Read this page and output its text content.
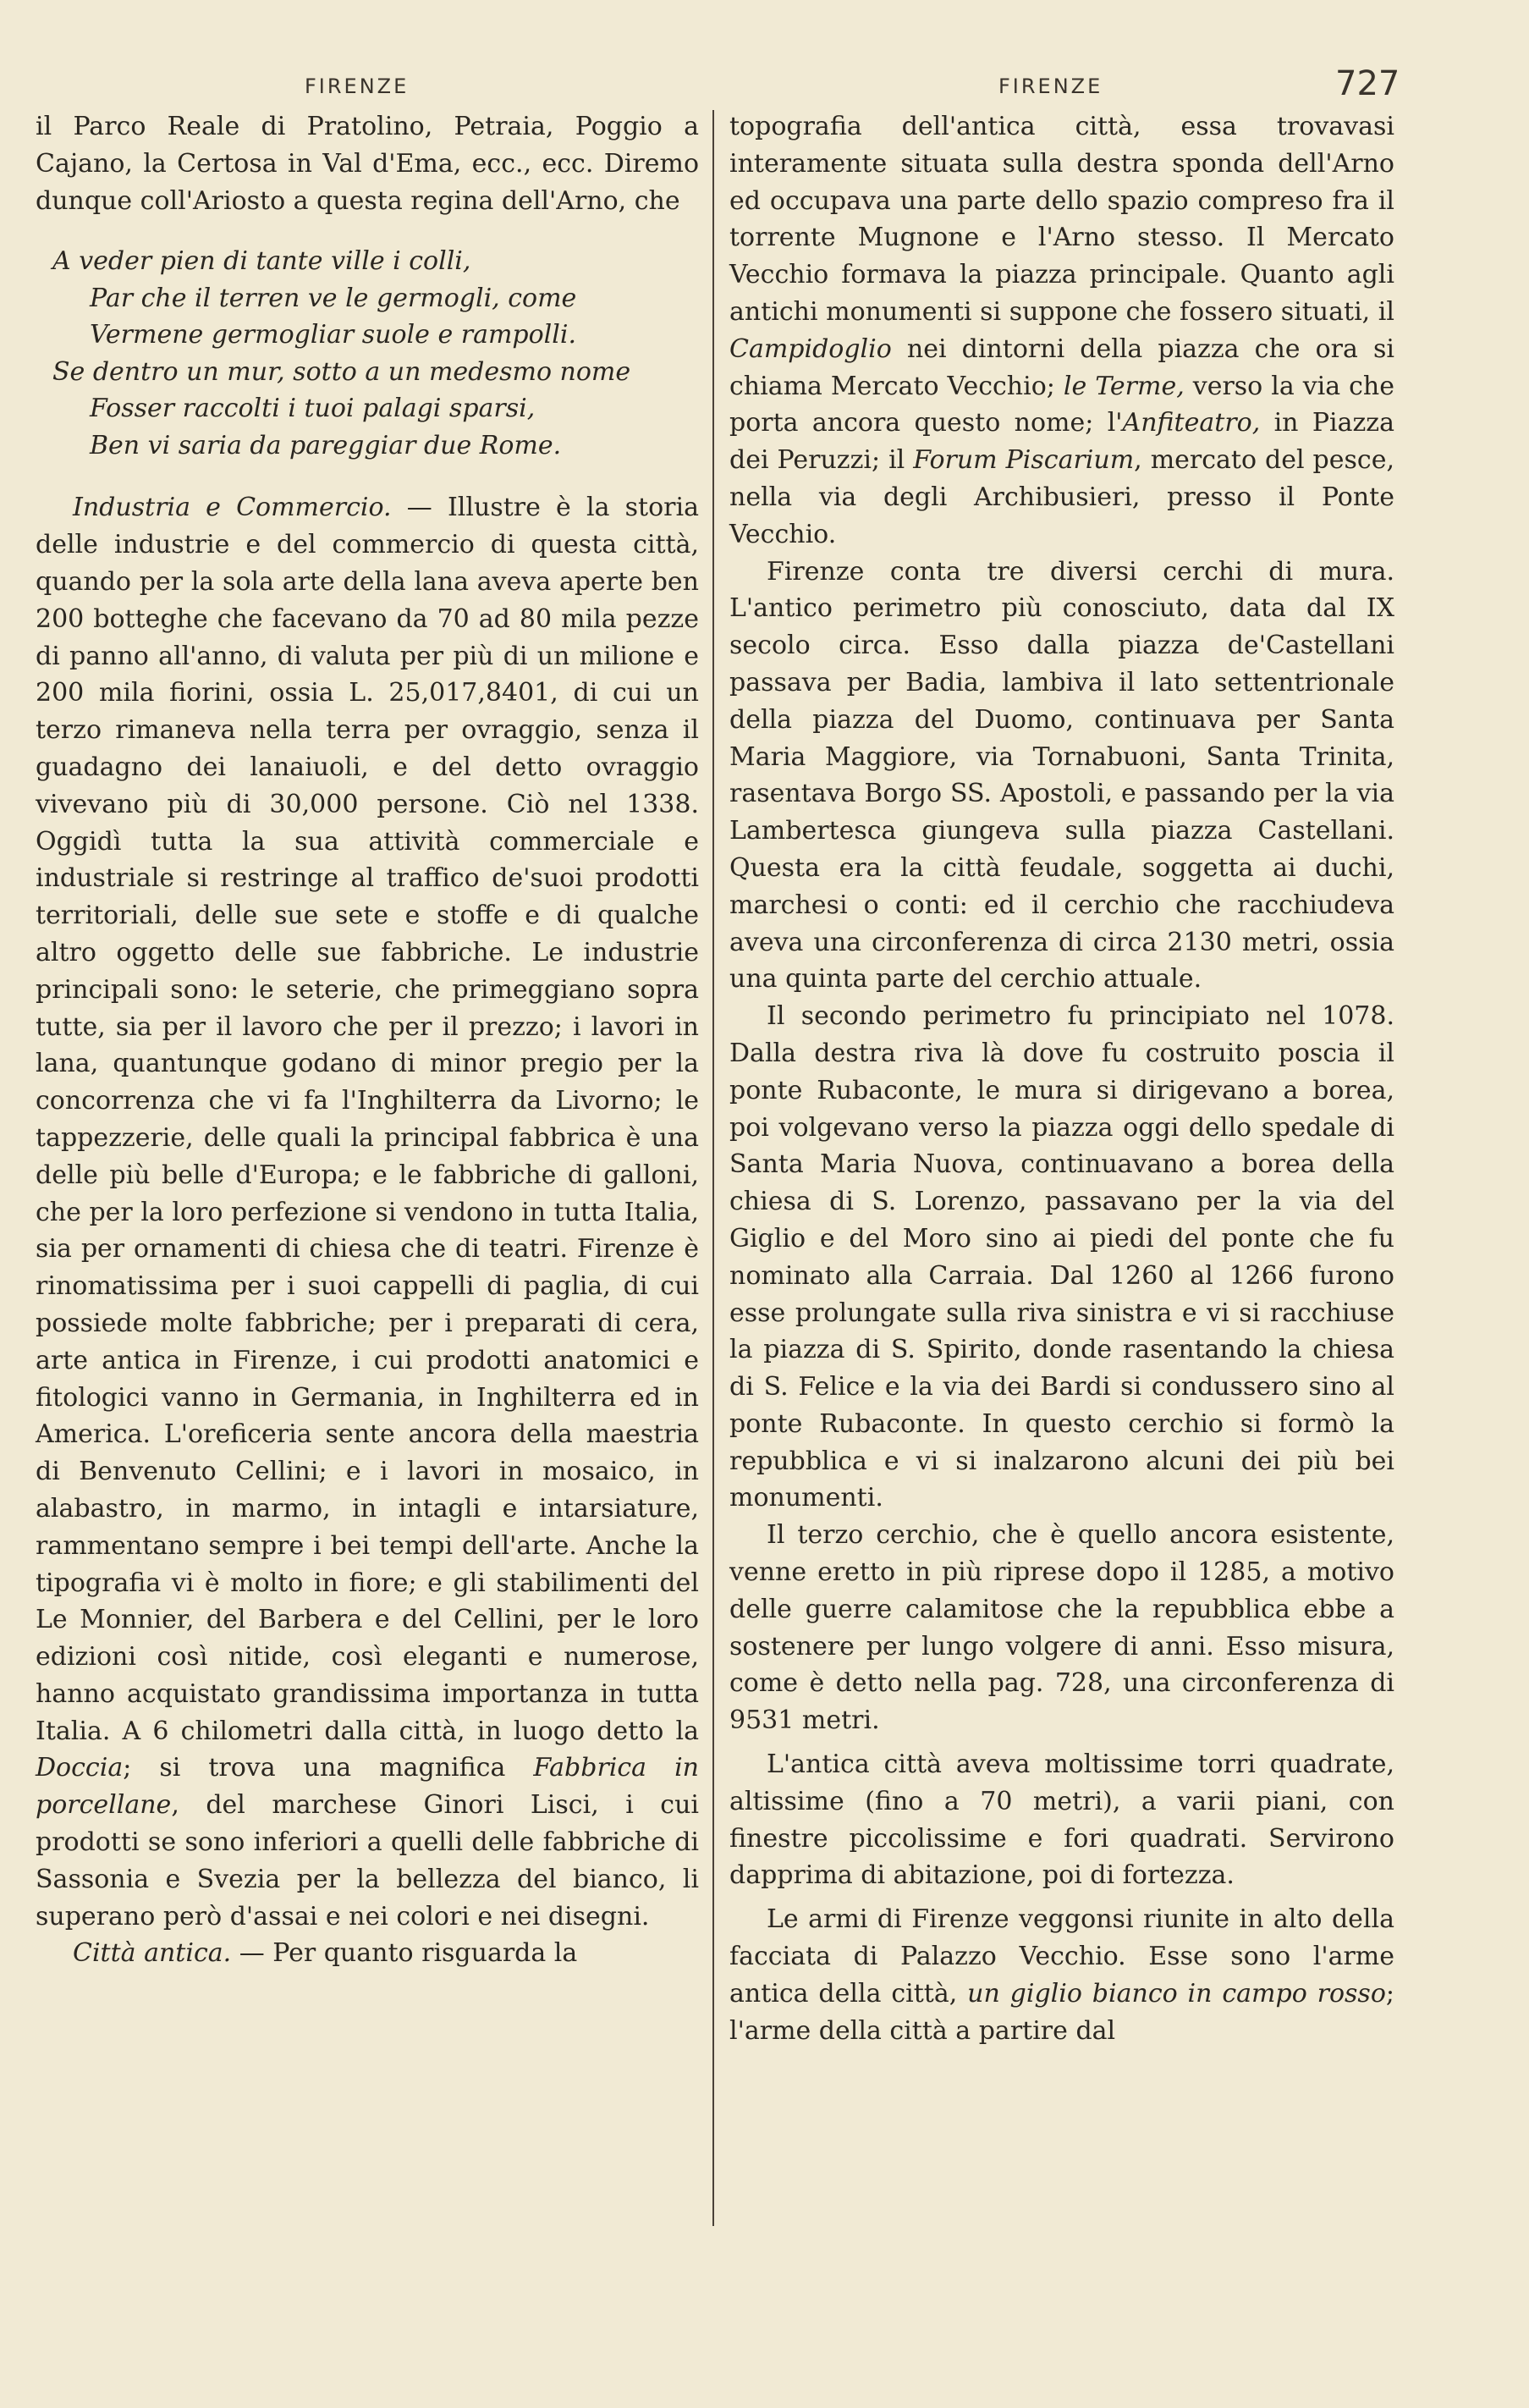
FIRENZE	FIRENZE	727

il Parco Reale di Pratolino, Petraia, Poggio a Cajano, la Certosa in Val d'Ema, ecc., ecc. Diremo dunque coll'Ariosto a questa regina dell'Arno, che

A veder pien di tante ville i colli,
Par che il terren ve le germogli, come
Vermene germogliar suole e rampolli.
Se dentro un mur, sotto a un medesmo nome
Fosser raccolti i tuoi palagi sparsi,
Ben vi saria da pareggiar due Rome.

Industria e Commercio. — Illustre è la storia delle industrie e del commercio di questa città, quando per la sola arte della lana aveva aperte ben 200 botteghe che facevano da 70 ad 80 mila pezze di panno all'anno, di valuta per più di un milione e 200 mila fiorini, ossia L. 25,017,8401, di cui un terzo rimaneva nella terra per ovraggio, senza il guadagno dei lanaiuoli, e del detto ovraggio vivevano più di 30,000 persone. Ciò nel 1338. Oggidì tutta la sua attività commerciale e industriale si restringe al traffico de'suoi prodotti territoriali, delle sue sete e stoffe e di qualche altro oggetto delle sue fabbriche. Le industrie principali sono: le seterie, che primeggiano sopra tutte, sia per il lavoro che per il prezzo; i lavori in lana, quantunque godano di minor pregio per la concorrenza che vi fa l'Inghilterra da Livorno; le tappezzerie, delle quali la principal fabbrica è una delle più belle d'Europa; e le fabbriche di galloni, che per la loro perfezione si vendono in tutta Italia, sia per ornamenti di chiesa che di teatri. Firenze è rinomatissima per i suoi cappelli di paglia, di cui possiede molte fabbriche; per i preparati di cera, arte antica in Firenze, i cui prodotti anatomici e fitologici vanno in Germania, in Inghilterra ed in America. L'oreficeria sente ancora della maestria di Benvenuto Cellini; e i lavori in mosaico, in alabastro, in marmo, in intagli e intarsiature, rammentano sempre i bei tempi dell'arte. Anche la tipografia vi è molto in fiore; e gli stabilimenti del Le Monnier, del Barbera e del Cellini, per le loro edizioni così nitide, così eleganti e numerose, hanno acquistato grandissima importanza in tutta Italia. A 6 chilometri dalla città, in luogo detto la Doccia; si trova una magnifica Fabbrica in porcellane, del marchese Ginori Lisci, i cui prodotti se sono inferiori a quelli delle fabbriche di Sassonia e Svezia per la bellezza del bianco, li superano però d'assai e nei colori e nei disegni.

Città antica. — Per quanto risguarda la

topografia dell'antica città, essa trovavasi interamente situata sulla destra sponda dell'Arno ed occupava una parte dello spazio compreso fra il torrente Mugnone e l'Arno stesso. Il Mercato Vecchio formava la piazza principale. Quanto agli antichi monumenti si suppone che fossero situati, il Campidoglio nei dintorni della piazza che ora si chiama Mercato Vecchio; le Terme, verso la via che porta ancora questo nome; l'Anfiteatro, in Piazza dei Peruzzi; il Forum Piscarium, mercato del pesce, nella via degli Archibusieri, presso il Ponte Vecchio.

Firenze conta tre diversi cerchi di mura. L'antico perimetro più conosciuto, data dal IX secolo circa. Esso dalla piazza de'Castellani passava per Badia, lambiva il lato settentrionale della piazza del Duomo, continuava per Santa Maria Maggiore, via Tornabuoni, Santa Trinita, rasentava Borgo SS. Apostoli, e passando per la via Lambertesca giungeva sulla piazza Castellani. Questa era la città feudale, soggetta ai duchi, marchesi o conti: ed il cerchio che racchiudeva aveva una circonferenza di circa 2130 metri, ossia una quinta parte del cerchio attuale.

Il secondo perimetro fu principiato nel 1078. Dalla destra riva là dove fu costruito poscia il ponte Rubaconte, le mura si dirigevano a borea, poi volgevano verso la piazza oggi dello spedale di Santa Maria Nuova, continuavano a borea della chiesa di S. Lorenzo, passavano per la via del Giglio e del Moro sino ai piedi del ponte che fu nominato alla Carraia. Dal 1260 al 1266 furono esse prolungate sulla riva sinistra e vi si racchiuse la piazza di S. Spirito, donde rasentando la chiesa di S. Felice e la via dei Bardi si condussero sino al ponte Rubaconte. In questo cerchio si formò la repubblica e vi si inalzarono alcuni dei più bei monumenti.

Il terzo cerchio, che è quello ancora esistente, venne eretto in più riprese dopo il 1285, a motivo delle guerre calamitose che la repubblica ebbe a sostenere per lungo volgere di anni. Esso misura, come è detto nella pag. 728, una circonferenza di 9531 metri.

L'antica città aveva moltissime torri quadrate, altissime (fino a 70 metri), a varii piani, con finestre piccolissime e fori quadrati. Servirono dapprima di abitazione, poi di fortezza.

Le armi di Firenze veggonsi riunite in alto della facciata di Palazzo Vecchio. Esse sono l'arme antica della città, un giglio bianco in campo rosso; l'arme della città a partire dal
